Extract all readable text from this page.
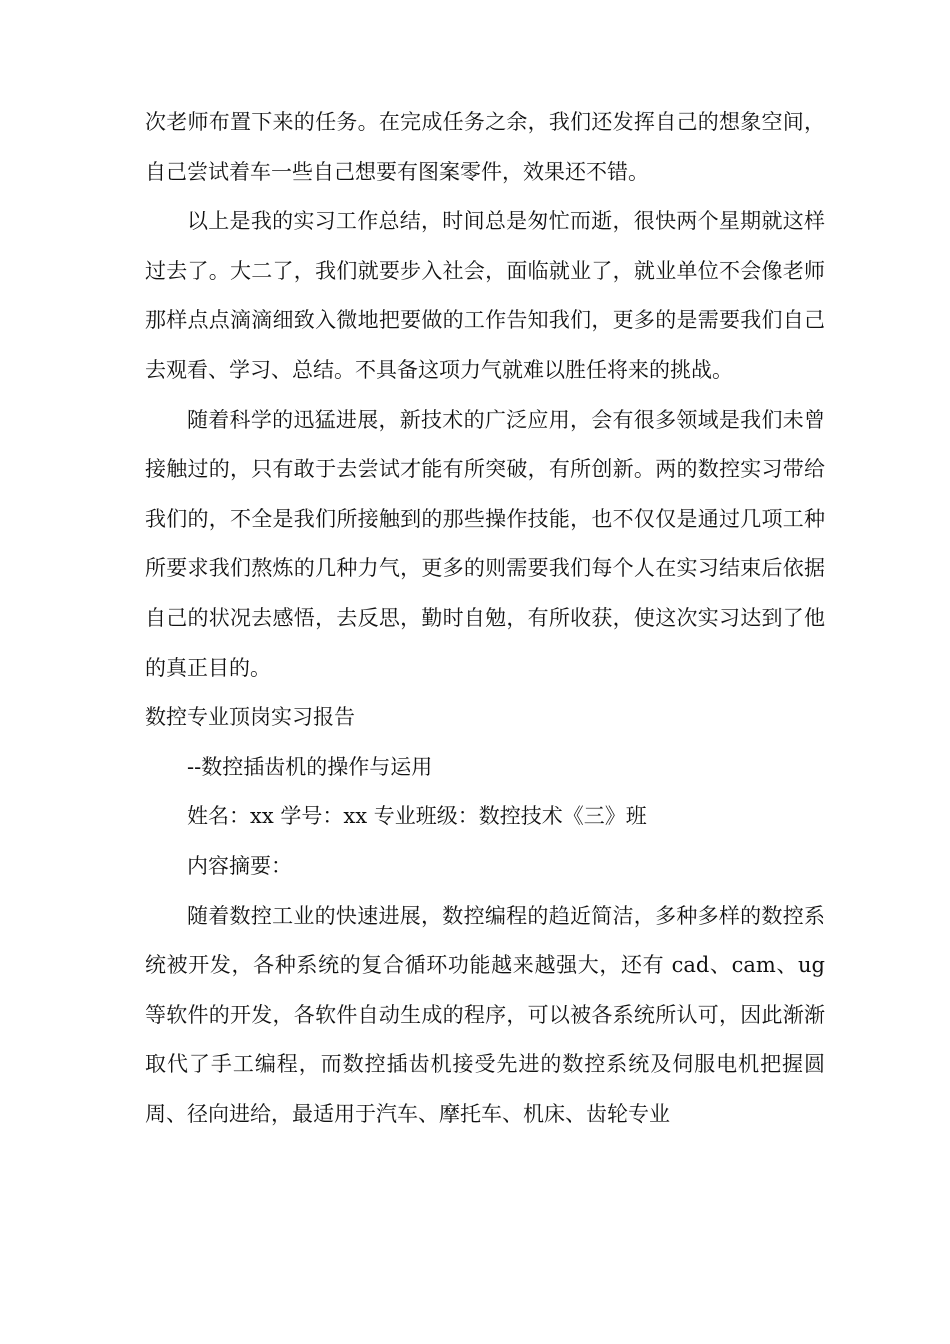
次老师布置下来的任务。在完成任务之余，我们还发挥自己的想象空间，自己尝试着车一些自己想要有图案零件，效果还不错。

以上是我的实习工作总结，时间总是匆忙而逝，很快两个星期就这样过去了。大二了，我们就要步入社会，面临就业了，就业单位不会像老师那样点点滴滴细致入微地把要做的工作告知我们，更多的是需要我们自己去观看、学习、总结。不具备这项力气就难以胜任将来的挑战。

随着科学的迅猛进展，新技术的广泛应用，会有很多领域是我们未曾接触过的，只有敢于去尝试才能有所突破，有所创新。两的数控实习带给我们的，不全是我们所接触到的那些操作技能，也不仅仅是通过几项工种所要求我们熬炼的几种力气，更多的则需要我们每个人在实习结束后依据自己的状况去感悟，去反思，勤时自勉，有所收获，使这次实习达到了他的真正目的。

数控专业顶岗实习报告

--数控插齿机的操作与运用

姓名：xx 学号：xx 专业班级：数控技术《三》班

内容摘要：

随着数控工业的快速进展，数控编程的趋近简洁，多种多样的数控系统被开发，各种系统的复合循环功能越来越强大，还有 cad、cam、ug 等软件的开发，各软件自动生成的程序，可以被各系统所认可，因此渐渐取代了手工编程，而数控插齿机接受先进的数控系统及伺服电机把握圆周、径向进给，最适用于汽车、摩托车、机床、齿轮专业
